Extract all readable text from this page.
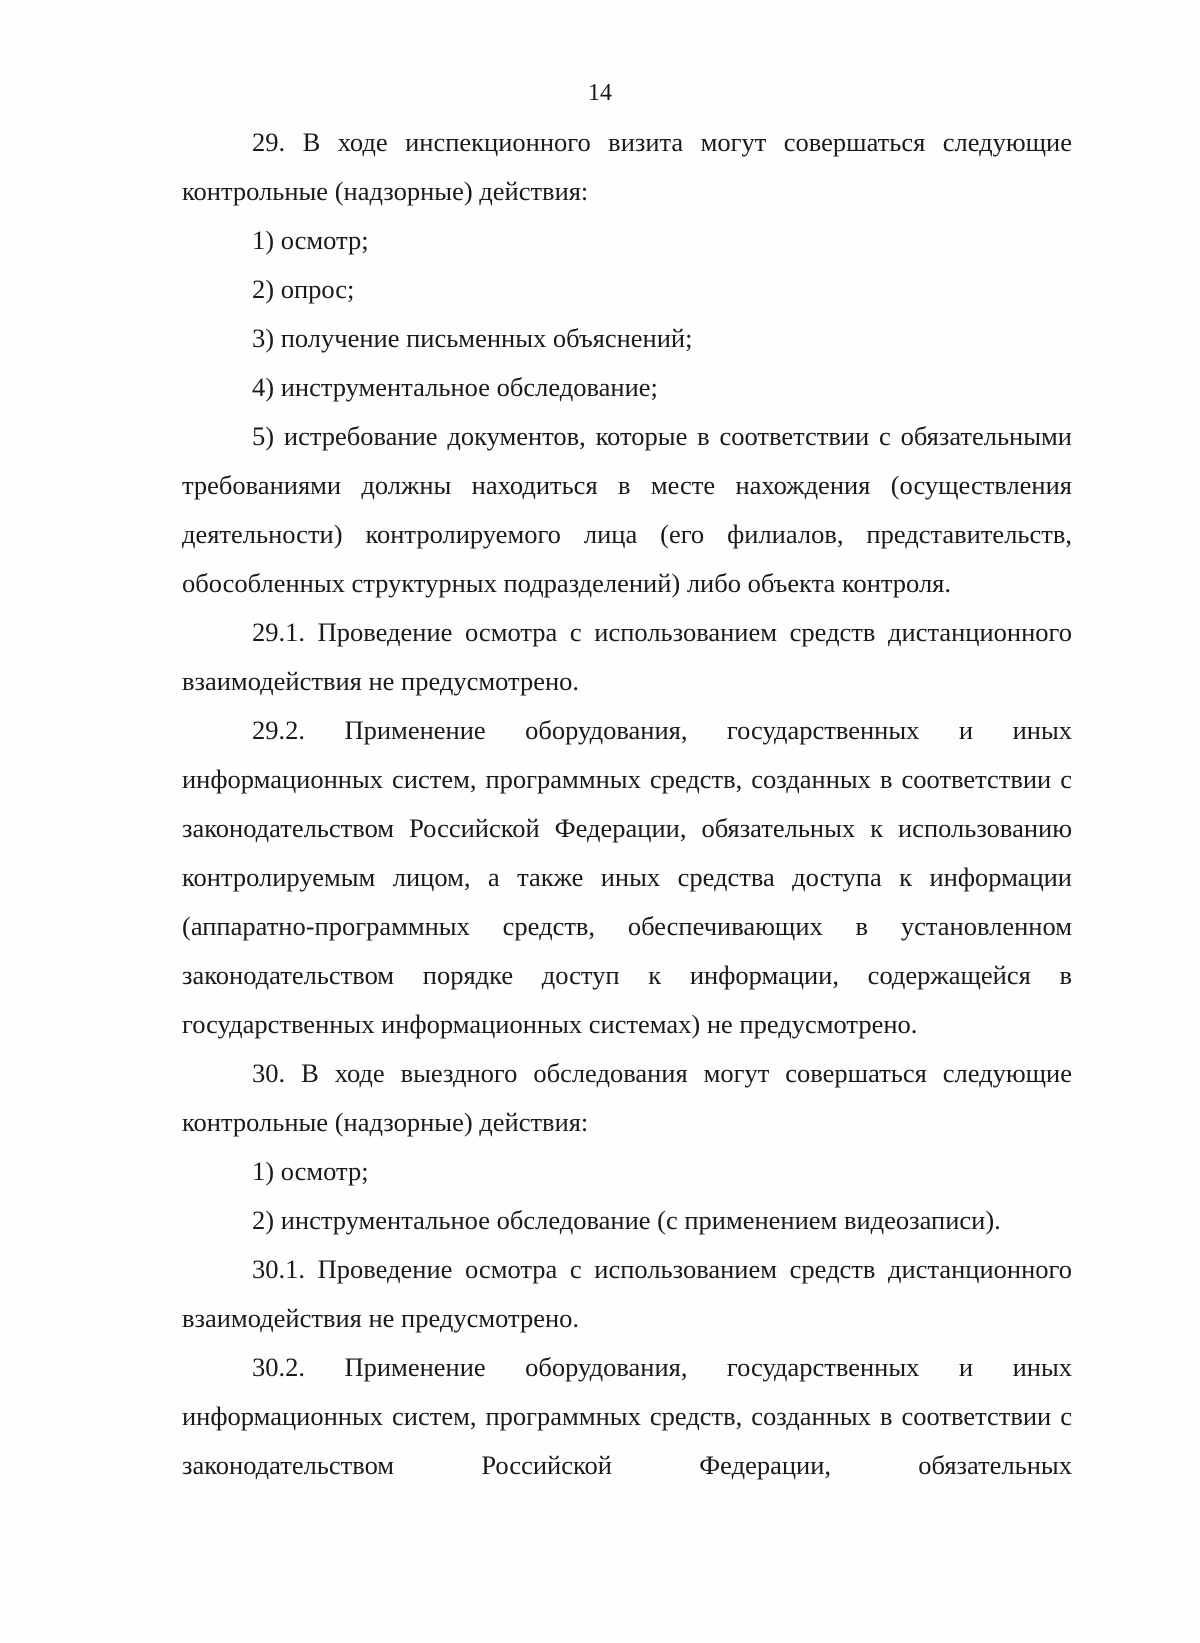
14

29. В ходе инспекционного визита могут совершаться следующие контрольные (надзорные) действия:

1) осмотр;

2) опрос;

3) получение письменных объяснений;

4) инструментальное обследование;

5) истребование документов, которые в соответствии с обязательными требованиями должны находиться в месте нахождения (осуществления деятельности) контролируемого лица (его филиалов, представительств, обособленных структурных подразделений) либо объекта контроля.

29.1. Проведение осмотра с использованием средств дистанционного взаимодействия не предусмотрено.

29.2. Применение оборудования, государственных и иных информационных систем, программных средств, созданных в соответствии с законодательством Российской Федерации, обязательных к использованию контролируемым лицом, а также иных средства доступа к информации (аппаратно-программных средств, обеспечивающих в установленном законодательством порядке доступ к информации, содержащейся в государственных информационных системах) не предусмотрено.

30. В ходе выездного обследования могут совершаться следующие контрольные (надзорные) действия:

1) осмотр;

2) инструментальное обследование (с применением видеозаписи).

30.1. Проведение осмотра с использованием средств дистанционного взаимодействия не предусмотрено.

30.2. Применение оборудования, государственных и иных информационных систем, программных средств, созданных в соответствии с законодательством Российской Федерации, обязательных
